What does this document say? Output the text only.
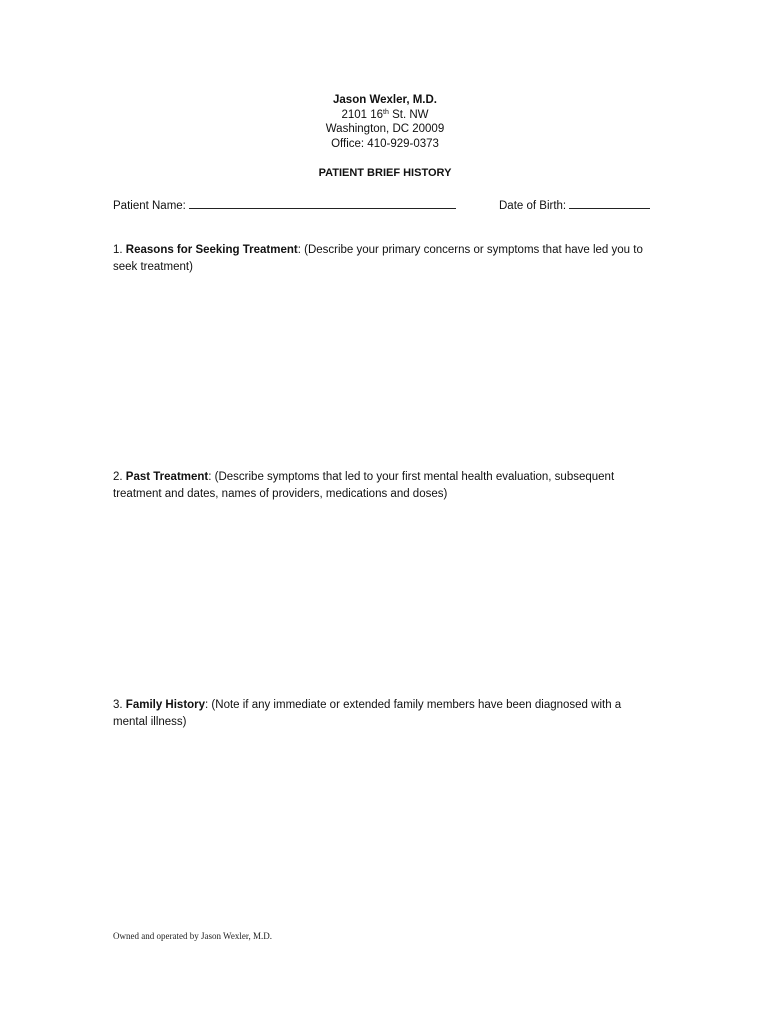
Jason Wexler, M.D.
2101 16th St. NW
Washington, DC 20009
Office: 410-929-0373
PATIENT BRIEF HISTORY
Patient Name:	Date of Birth:
1. Reasons for Seeking Treatment: (Describe your primary concerns or symptoms that have led you to seek treatment)
2. Past Treatment: (Describe symptoms that led to your first mental health evaluation, subsequent treatment and dates, names of providers, medications and doses)
3. Family History: (Note if any immediate or extended family members have been diagnosed with a mental illness)
Owned and operated by Jason Wexler, M.D.
